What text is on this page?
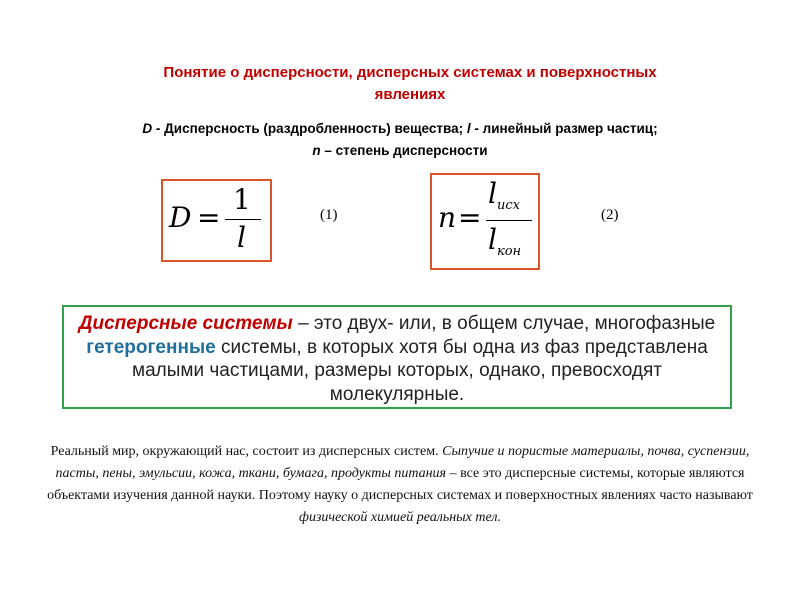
Понятие о дисперсности, дисперсных системах и поверхностных
явлениях
D - Дисперсность (раздробленность) вещества; l - линейный размер частиц;
n – степень дисперсности
D =
1
l
(1)	n =
$l_{исх}$
$l_{кон}$
(2)
Дисперсные системы – это двух- или, в общем случае, многофазные
гетерогенные системы, в которых хотя бы одна из фаз представлена
малыми частицами, размеры которых, однако, превосходят
молекулярные.
Реальный мир, окружающий нас, состоит из дисперсных систем. Сыпучие и пористые материалы, почва, суспензии, пасты, пены, эмульсии, кожа, ткани, бумага, продукты питания – все это дисперсные системы, которые являются объектами изучения данной науки. Поэтому науку о дисперсных системах и поверхностных явлениях часто называют физической химией реальных тел.
